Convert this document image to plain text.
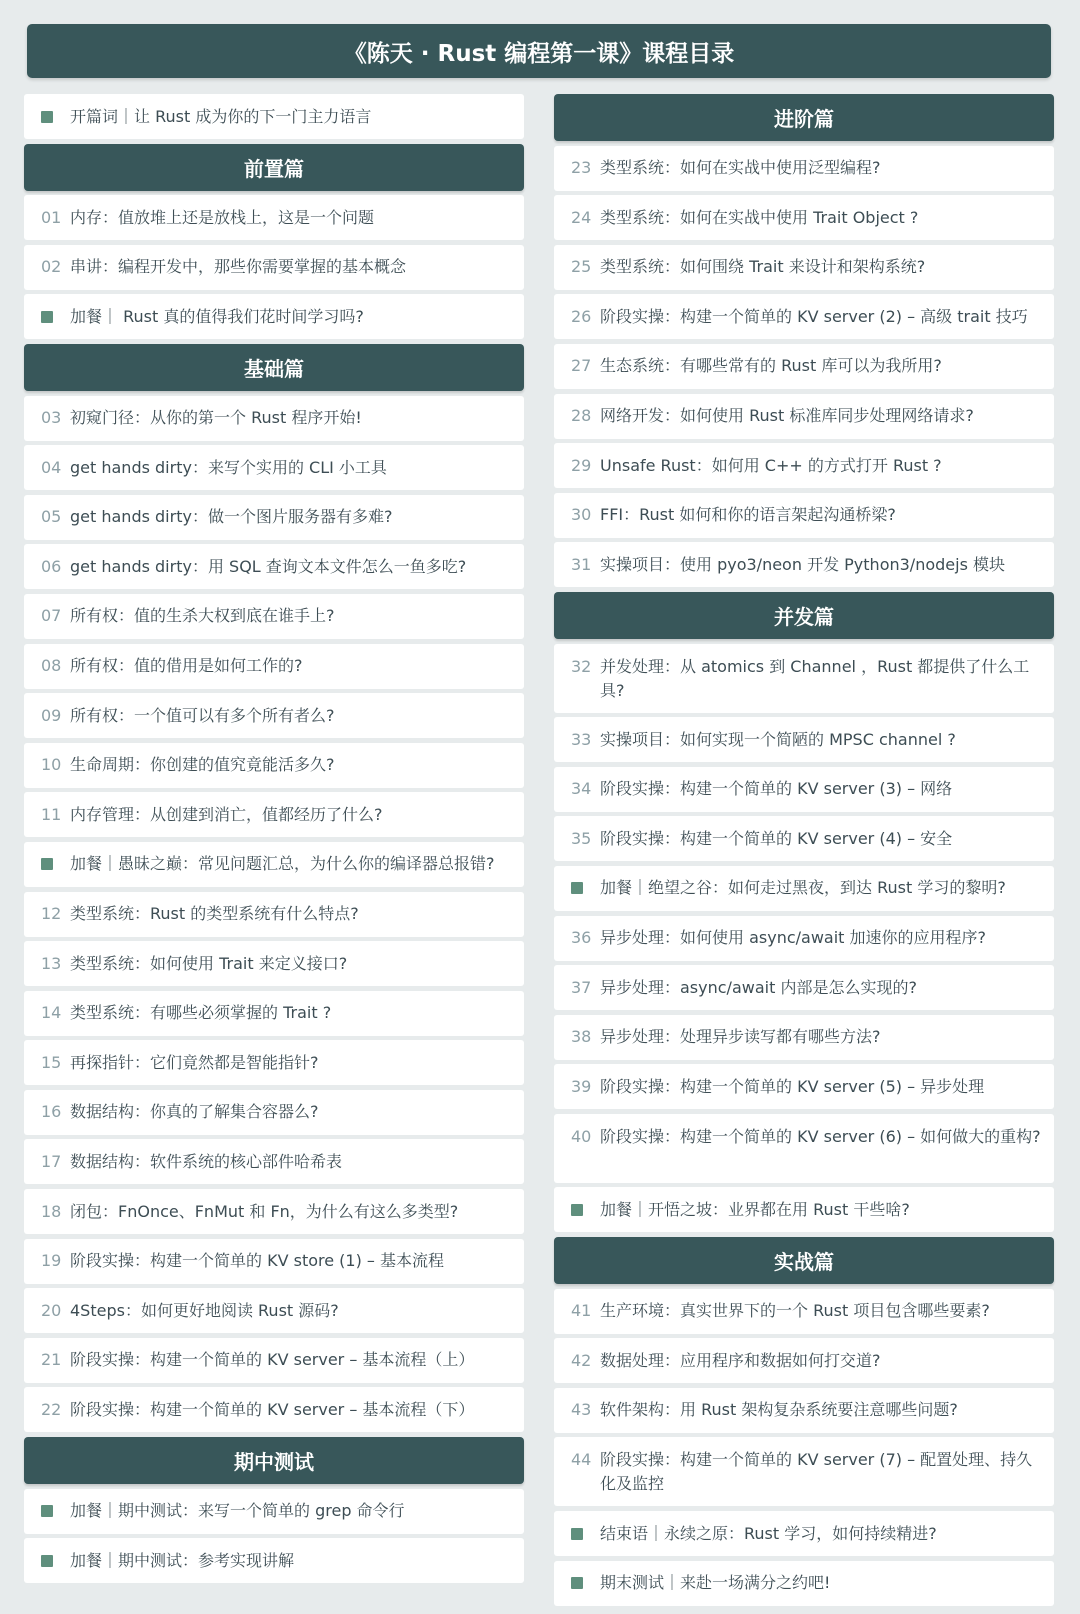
《陈天 · Rust 编程第一课》课程目录
开篇词｜让 Rust 成为你的下一门主力语言
前置篇
01 内存：值放堆上还是放栈上，这是一个问题
02 串讲：编程开发中，那些你需要掌握的基本概念
加餐｜ Rust 真的值得我们花时间学习吗?
基础篇
03 初窥门径：从你的第一个 Rust 程序开始!
04 get hands dirty：来写个实用的 CLI 小工具
05 get hands dirty：做一个图片服务器有多难?
06 get hands dirty：用 SQL 查询文本文件怎么一鱼多吃?
07 所有权：值的生杀大权到底在谁手上?
08 所有权：值的借用是如何工作的?
09 所有权：一个值可以有多个所有者么?
10 生命周期：你创建的值究竟能活多久?
11 内存管理：从创建到消亡，值都经历了什么?
加餐｜愚昧之巅：常见问题汇总，为什么你的编译器总报错?
12 类型系统：Rust 的类型系统有什么特点?
13 类型系统：如何使用 Trait 来定义接口?
14 类型系统：有哪些必须掌握的 Trait ?
15 再探指针：它们竟然都是智能指针?
16 数据结构：你真的了解集合容器么?
17 数据结构：软件系统的核心部件哈希表
18 闭包：FnOnce、FnMut 和 Fn，为什么有这么多类型?
19 阶段实操：构建一个简单的 KV store (1) – 基本流程
20 4Steps：如何更好地阅读 Rust 源码?
21 阶段实操：构建一个简单的 KV server – 基本流程（上）
22 阶段实操：构建一个简单的 KV server – 基本流程（下）
期中测试
加餐｜期中测试：来写一个简单的 grep 命令行
加餐｜期中测试：参考实现讲解
进阶篇
23 类型系统：如何在实战中使用泛型编程?
24 类型系统：如何在实战中使用 Trait Object ?
25 类型系统：如何围绕 Trait 来设计和架构系统?
26 阶段实操：构建一个简单的 KV server (2) – 高级 trait 技巧
27 生态系统：有哪些常有的 Rust 库可以为我所用?
28 网络开发：如何使用 Rust 标准库同步处理网络请求?
29 Unsafe Rust：如何用 C++ 的方式打开 Rust ?
30 FFI：Rust 如何和你的语言架起沟通桥梁?
31 实操项目：使用 pyo3/neon 开发 Python3/nodejs 模块
并发篇
32 并发处理：从 atomics 到 Channel ，Rust 都提供了什么工具?
33 实操项目：如何实现一个简陋的 MPSC channel ?
34 阶段实操：构建一个简单的 KV server (3) – 网络
35 阶段实操：构建一个简单的 KV server (4) – 安全
加餐｜绝望之谷：如何走过黑夜，到达 Rust 学习的黎明?
36 异步处理：如何使用 async/await 加速你的应用程序?
37 异步处理：async/await 内部是怎么实现的?
38 异步处理：处理异步读写都有哪些方法?
39 阶段实操：构建一个简单的 KV server (5) – 异步处理
40 阶段实操：构建一个简单的 KV server (6) – 如何做大的重构?
加餐｜开悟之坡：业界都在用 Rust 干些啥?
实战篇
41 生产环境：真实世界下的一个 Rust 项目包含哪些要素?
42 数据处理：应用程序和数据如何打交道?
43 软件架构：用 Rust 架构复杂系统要注意哪些问题?
44 阶段实操：构建一个简单的 KV server (7) – 配置处理、持久化及监控
结束语｜永续之原：Rust 学习，如何持续精进?
期末测试｜来赴一场满分之约吧!
